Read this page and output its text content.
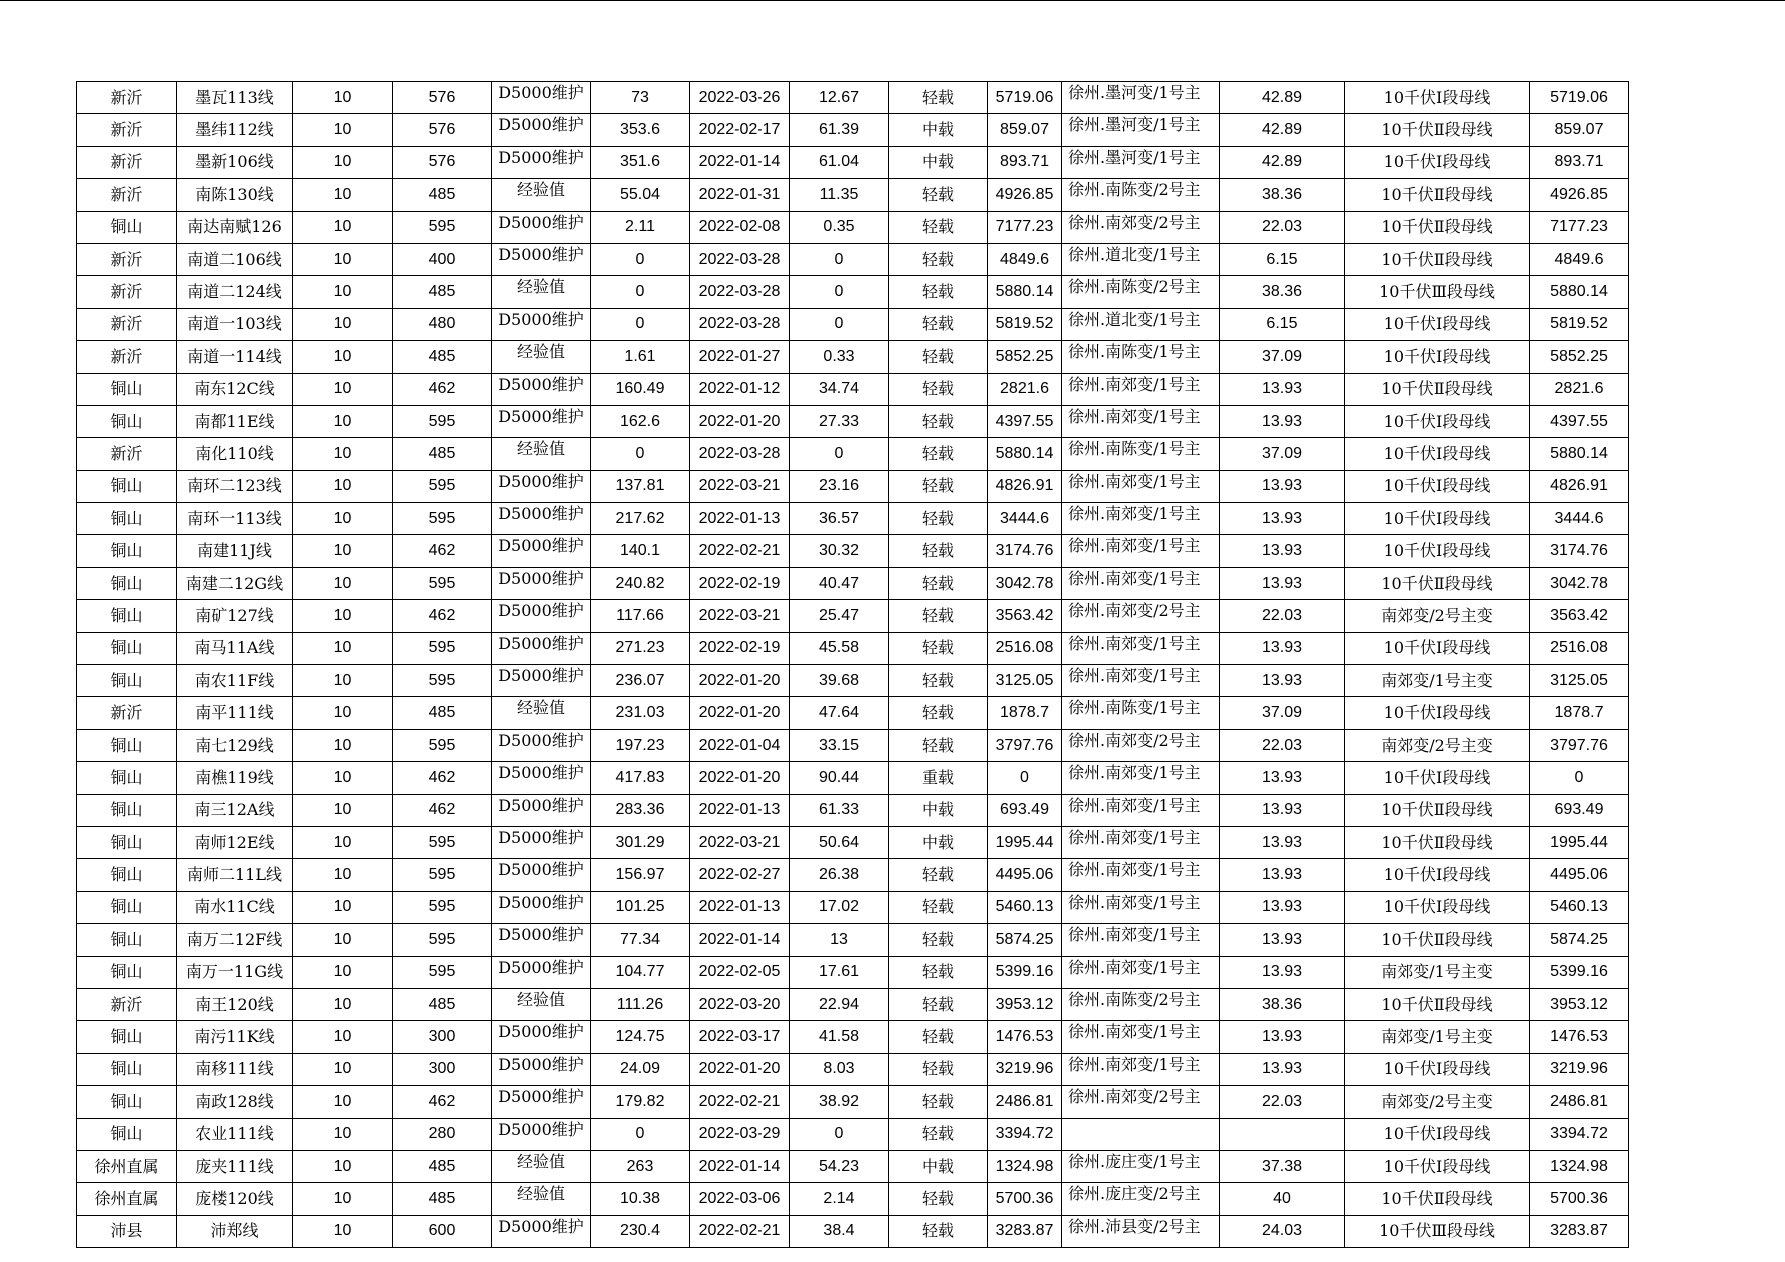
新沂	墨瓦113线	10	576	D5000维护	73	2022-03-26	12.67	轻载	5719.06	徐州.墨河变/1号主	42.89	10千伏Ⅰ段母线	5719.06
新沂	墨纬112线	10	576	D5000维护	353.6	2022-02-17	61.39	中载	859.07	徐州.墨河变/1号主	42.89	10千伏Ⅱ段母线	859.07
新沂	墨新106线	10	576	D5000维护	351.6	2022-01-14	61.04	中载	893.71	徐州.墨河变/1号主	42.89	10千伏Ⅰ段母线	893.71
新沂	南陈130线	10	485	经验值	55.04	2022-01-31	11.35	轻载	4926.85	徐州.南陈变/2号主	38.36	10千伏Ⅱ段母线	4926.85
铜山	南达南赋126	10	595	D5000维护	2.11	2022-02-08	0.35	轻载	7177.23	徐州.南郊变/2号主	22.03	10千伏Ⅱ段母线	7177.23
新沂	南道二106线	10	400	D5000维护	0	2022-03-28	0	轻载	4849.6	徐州.道北变/1号主	6.15	10千伏Ⅱ段母线	4849.6
新沂	南道二124线	10	485	经验值	0	2022-03-28	0	轻载	5880.14	徐州.南陈变/2号主	38.36	10千伏Ⅲ段母线	5880.14
新沂	南道一103线	10	480	D5000维护	0	2022-03-28	0	轻载	5819.52	徐州.道北变/1号主	6.15	10千伏Ⅰ段母线	5819.52
新沂	南道一114线	10	485	经验值	1.61	2022-01-27	0.33	轻载	5852.25	徐州.南陈变/1号主	37.09	10千伏Ⅰ段母线	5852.25
铜山	南东12C线	10	462	D5000维护	160.49	2022-01-12	34.74	轻载	2821.6	徐州.南郊变/1号主	13.93	10千伏Ⅱ段母线	2821.6
铜山	南都11E线	10	595	D5000维护	162.6	2022-01-20	27.33	轻载	4397.55	徐州.南郊变/1号主	13.93	10千伏Ⅰ段母线	4397.55
新沂	南化110线	10	485	经验值	0	2022-03-28	0	轻载	5880.14	徐州.南陈变/1号主	37.09	10千伏Ⅰ段母线	5880.14
铜山	南环二123线	10	595	D5000维护	137.81	2022-03-21	23.16	轻载	4826.91	徐州.南郊变/1号主	13.93	10千伏Ⅰ段母线	4826.91
铜山	南环一113线	10	595	D5000维护	217.62	2022-01-13	36.57	轻载	3444.6	徐州.南郊变/1号主	13.93	10千伏Ⅰ段母线	3444.6
铜山	南建11J线	10	462	D5000维护	140.1	2022-02-21	30.32	轻载	3174.76	徐州.南郊变/1号主	13.93	10千伏Ⅰ段母线	3174.76
铜山	南建二12G线	10	595	D5000维护	240.82	2022-02-19	40.47	轻载	3042.78	徐州.南郊变/1号主	13.93	10千伏Ⅱ段母线	3042.78
铜山	南矿127线	10	462	D5000维护	117.66	2022-03-21	25.47	轻载	3563.42	徐州.南郊变/2号主	22.03	南郊变/2号主变	3563.42
铜山	南马11A线	10	595	D5000维护	271.23	2022-02-19	45.58	轻载	2516.08	徐州.南郊变/1号主	13.93	10千伏Ⅰ段母线	2516.08
铜山	南农11F线	10	595	D5000维护	236.07	2022-01-20	39.68	轻载	3125.05	徐州.南郊变/1号主	13.93	南郊变/1号主变	3125.05
新沂	南平111线	10	485	经验值	231.03	2022-01-20	47.64	轻载	1878.7	徐州.南陈变/1号主	37.09	10千伏Ⅰ段母线	1878.7
铜山	南七129线	10	595	D5000维护	197.23	2022-01-04	33.15	轻载	3797.76	徐州.南郊变/2号主	22.03	南郊变/2号主变	3797.76
铜山	南樵119线	10	462	D5000维护	417.83	2022-01-20	90.44	重载	0	徐州.南郊变/1号主	13.93	10千伏Ⅰ段母线	0
铜山	南三12A线	10	462	D5000维护	283.36	2022-01-13	61.33	中载	693.49	徐州.南郊变/1号主	13.93	10千伏Ⅱ段母线	693.49
铜山	南师12E线	10	595	D5000维护	301.29	2022-03-21	50.64	中载	1995.44	徐州.南郊变/1号主	13.93	10千伏Ⅱ段母线	1995.44
铜山	南师二11L线	10	595	D5000维护	156.97	2022-02-27	26.38	轻载	4495.06	徐州.南郊变/1号主	13.93	10千伏Ⅰ段母线	4495.06
铜山	南水11C线	10	595	D5000维护	101.25	2022-01-13	17.02	轻载	5460.13	徐州.南郊变/1号主	13.93	10千伏Ⅰ段母线	5460.13
铜山	南万二12F线	10	595	D5000维护	77.34	2022-01-14	13	轻载	5874.25	徐州.南郊变/1号主	13.93	10千伏Ⅱ段母线	5874.25
铜山	南万一11G线	10	595	D5000维护	104.77	2022-02-05	17.61	轻载	5399.16	徐州.南郊变/1号主	13.93	南郊变/1号主变	5399.16
新沂	南王120线	10	485	经验值	111.26	2022-03-20	22.94	轻载	3953.12	徐州.南陈变/2号主	38.36	10千伏Ⅱ段母线	3953.12
铜山	南污11K线	10	300	D5000维护	124.75	2022-03-17	41.58	轻载	1476.53	徐州.南郊变/1号主	13.93	南郊变/1号主变	1476.53
铜山	南移111线	10	300	D5000维护	24.09	2022-01-20	8.03	轻载	3219.96	徐州.南郊变/1号主	13.93	10千伏Ⅰ段母线	3219.96
铜山	南政128线	10	462	D5000维护	179.82	2022-02-21	38.92	轻载	2486.81	徐州.南郊变/2号主	22.03	南郊变/2号主变	2486.81
铜山	农业111线	10	280	D5000维护	0	2022-03-29	0	轻载	3394.72			10千伏Ⅰ段母线	3394.72
徐州直属	庞夹111线	10	485	经验值	263	2022-01-14	54.23	中载	1324.98	徐州.庞庄变/1号主	37.38	10千伏Ⅰ段母线	1324.98
徐州直属	庞楼120线	10	485	经验值	10.38	2022-03-06	2.14	轻载	5700.36	徐州.庞庄变/2号主	40	10千伏Ⅱ段母线	5700.36
沛县	沛郑线	10	600	D5000维护	230.4	2022-02-21	38.4	轻载	3283.87	徐州.沛县变/2号主	24.03	10千伏Ⅲ段母线	3283.87
